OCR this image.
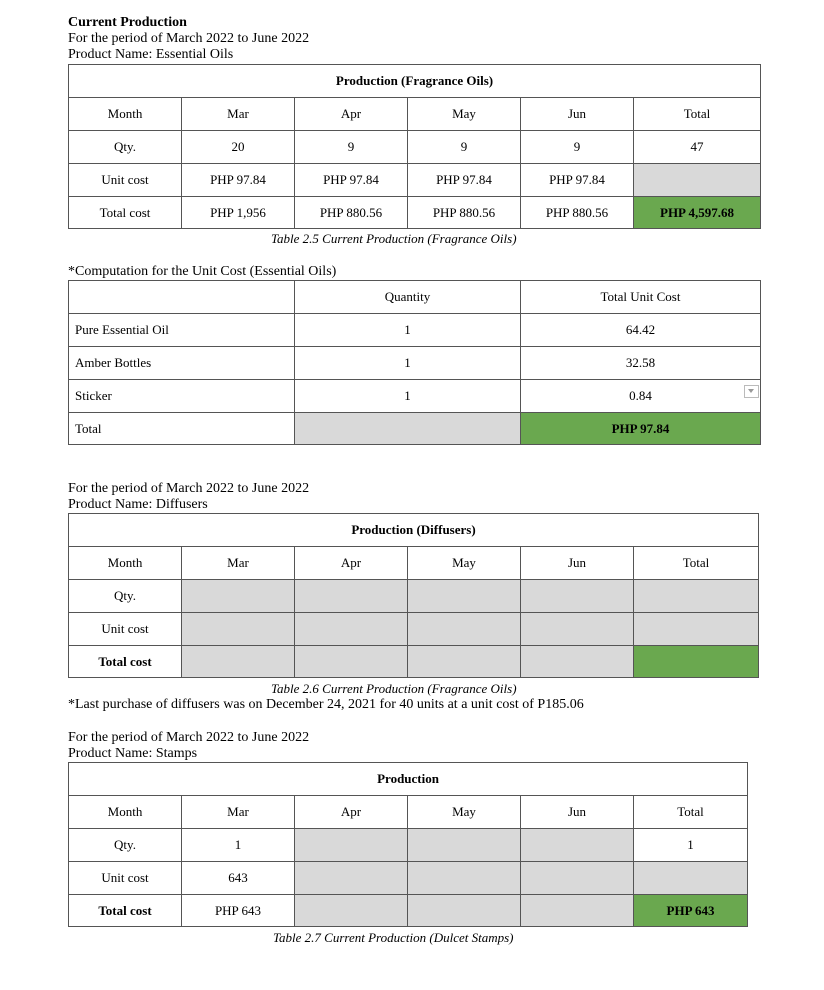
Current Production
For the period of March 2022 to June 2022
Product Name: Essential Oils
Production (Fragrance Oils)					
Month	Mar	Apr	May	Jun	Total
Qty.	20	9	9	9	47
Unit cost	PHP 97.84	PHP 97.84	PHP 97.84	PHP 97.84	
Total cost	PHP 1,956	PHP 880.56	PHP 880.56	PHP 880.56	PHP 4,597.68
Table 2.5 Current Production (Fragrance Oils)
*Computation for the Unit Cost (Essential Oils)
	Quantity	Total Unit Cost
Pure Essential Oil	1	64.42
Amber Bottles	1	32.58
Sticker	1	0.84
Total		PHP 97.84
For the period of March 2022 to June 2022
Product Name: Diffusers
Production (Diffusers)					
Month	Mar	Apr	May	Jun	Total
Qty.					
Unit cost					
Total cost					
Table 2.6 Current Production (Fragrance Oils)
*Last purchase of diffusers was on December 24, 2021 for 40 units at a unit cost of P185.06
For the period of March 2022 to June 2022
Product Name: Stamps
Production					
Month	Mar	Apr	May	Jun	Total
Qty.	1				1
Unit cost	643				
Total cost	PHP 643				PHP 643
Table 2.7 Current Production (Dulcet Stamps)
